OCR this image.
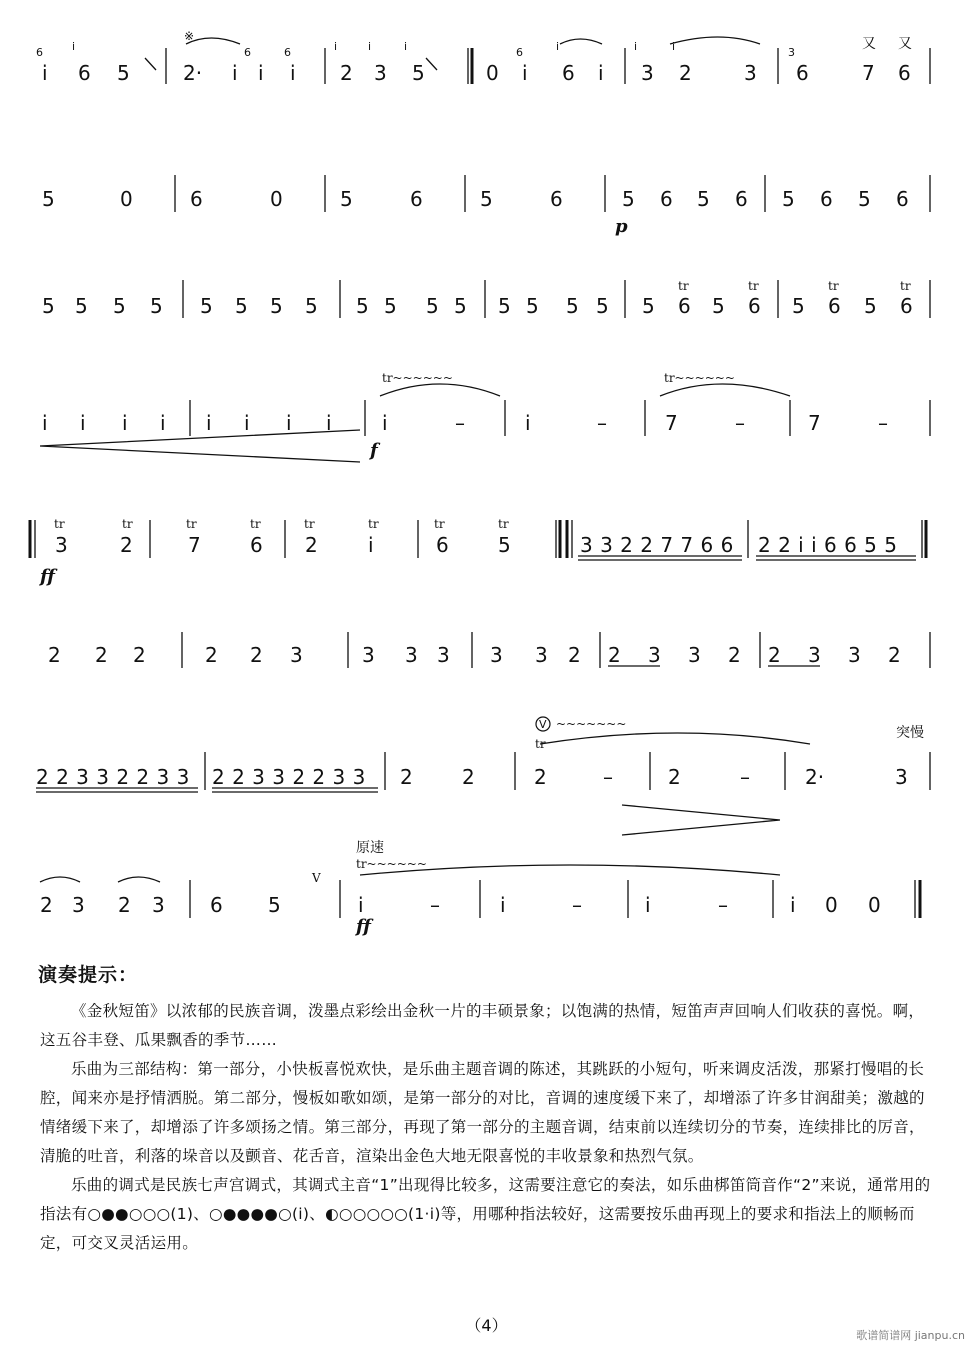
i 6 5
※
2· i i i 2 3 5	0 i 6 i 3 2	3 6	7 6
又 又
6	i	6	6	i	i	i	6	i	i	i	3
5	0	6	0	5	6	5	6	5 6 5 6 5 6 5 6
p
5 5 5 5 5 5 5 5 5 5 5 5 5 5 5 5 5 6 5 6 5 6 5 6
tr	tr	tr	tr
i i i i i i i i	i	–	i	–	7	–	7	–
f
tr~~~~~~	tr~~~~~~
3	2	7 6 2	i	6 5	3 3 2 2 7 7 6 6 2 2 i i 6 6 5 5
ff
tr	tr	tr	tr	tr	tr	tr	tr
2 2 2	2 2 3	3 3 3 3 3 2 2 3 3 2 2 3 3 2
2 2 3 3 2 2 3 3 2 2 3 3 2 2 3 3 2 2	2	–	2	–	2·	3
突慢
tr
~~~~~~~
V
2 3 2 3 6 5	i	–	i	–	i	–	i 0 0
原速
ff
tr~~~~~~
V
演奏提示：

《金秋短笛》以浓郁的民族音调，泼墨点彩绘出金秋一片的丰硕景象；以饱满的热情，短笛声声回响人们收获的喜悦。啊，这五谷丰登、瓜果飘香的季节……

乐曲为三部结构：第一部分，小快板喜悦欢快，是乐曲主题音调的陈述，其跳跃的小短句，听来调皮活泼，那紧打慢唱的长腔，闻来亦是抒情洒脱。第二部分，慢板如歌如颂，是第一部分的对比，音调的速度缓下来了，却增添了许多甘润甜美；激越的情绪缓下来了，却增添了许多颂扬之情。第三部分，再现了第一部分的主题音调，结束前以连续切分的节奏，连续排比的厉音，清脆的吐音，利落的垛音以及颤音、花舌音，渲染出金色大地无限喜悦的丰收景象和热烈气氛。

乐曲的调式是民族七声宫调式，其调式主音“1”出现得比较多，这需要注意它的奏法，如乐曲梆笛筒音作“2”来说，通常用的指法有○●●○○○(1)、○●●●●○(i)、◐○○○○○(1·i)等，用哪种指法较好，这需要按乐曲再现上的要求和指法上的顺畅而定，可交叉灵活运用。

（4）
歌谱简谱网 jianpu.cn
